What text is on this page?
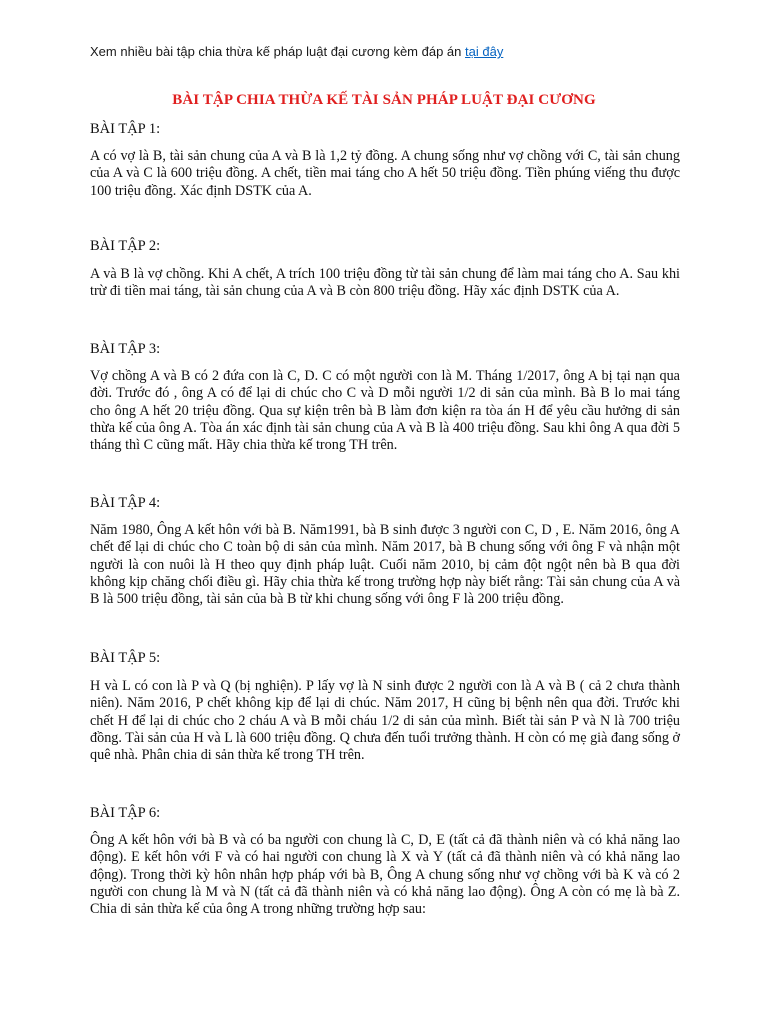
Xem nhiều bài tập chia thừa kế pháp luật đại cương kèm đáp án tại đây
BÀI TẬP CHIA THỪA KẾ TÀI SẢN PHÁP LUẬT ĐẠI CƯƠNG
BÀI TẬP 1:
A có vợ là B, tài sản chung của A và B là 1,2 tỷ đồng. A chung sống như vợ chồng với C, tài sản chung của A và C là 600 triệu đồng. A chết, tiền mai táng cho A hết 50 triệu đồng. Tiền phúng viếng thu được 100 triệu đồng. Xác định DSTK của A.
BÀI TẬP 2:
A và B là vợ chồng. Khi A chết, A trích 100 triệu đồng từ tài sản chung để làm mai táng cho A. Sau khi trừ đi tiền mai táng, tài sản chung của A và B còn 800 triệu đồng. Hãy xác định DSTK của A.
BÀI TẬP 3:
Vợ chồng A và B có 2 đứa con là C, D. C có một người con là M. Tháng 1/2017, ông A bị tại nạn qua đời. Trước đó , ông A có để lại di chúc cho C và D mỗi người 1/2 di sản của mình. Bà B lo mai táng cho ông A hết 20 triệu đồng. Qua sự kiện trên bà B làm đơn kiện ra tòa án H để yêu cầu hưởng di sản thừa kế của ông A. Tòa án xác định tài sản chung của A và B là 400 triệu đồng. Sau khi ông A qua đời 5 tháng thì C cũng mất. Hãy chia thừa kế trong TH trên.
BÀI TẬP 4:
Năm 1980, Ông A kết hôn với bà B. Năm1991, bà B sinh được 3 người con C, D , E. Năm 2016, ông A chết để lại di chúc cho C toàn bộ di sản của mình. Năm 2017, bà B chung sống với ông F và nhận một người là con nuôi là H theo quy định pháp luật. Cuối năm 2010, bị cảm đột ngột nên bà B qua đời không kịp chăng chối điều gì. Hãy chia thừa kế trong trường hợp này biết rằng: Tài sản chung của A và B là 500 triệu đồng, tài sản của bà B từ khi chung sống với ông F là 200 triệu đồng.
BÀI TẬP 5:
H và L có con là P và Q (bị nghiện). P lấy vợ là N sinh được 2 người con là A và B ( cả 2 chưa thành niên). Năm 2016, P chết không kịp để lại di chúc. Năm 2017, H cũng bị bệnh nên qua đời. Trước khi chết H để lại di chúc cho 2 cháu A và B mỗi cháu 1/2 di sản của mình. Biết tài sản P và N là 700 triệu đồng. Tài sản của H và L là 600 triệu đồng. Q chưa đến tuổi trưởng thành. H còn có mẹ già đang sống ở quê nhà. Phân chia di sản thừa kế trong TH trên.
BÀI TẬP 6:
Ông A kết hôn với bà B và có ba người con chung là C, D, E (tất cả đã thành niên và có khả năng lao động). E kết hôn với F và có hai người con chung là X và Y (tất cả đã thành niên và có khả năng lao động). Trong thời kỳ hôn nhân hợp pháp với bà B, Ông A chung sống như vợ chồng với bà K và có 2 người con chung là M và N (tất cả đã thành niên và có khả năng lao động). Ông A còn có mẹ là bà Z. Chia di sản thừa kế của ông A trong những trường hợp sau:
